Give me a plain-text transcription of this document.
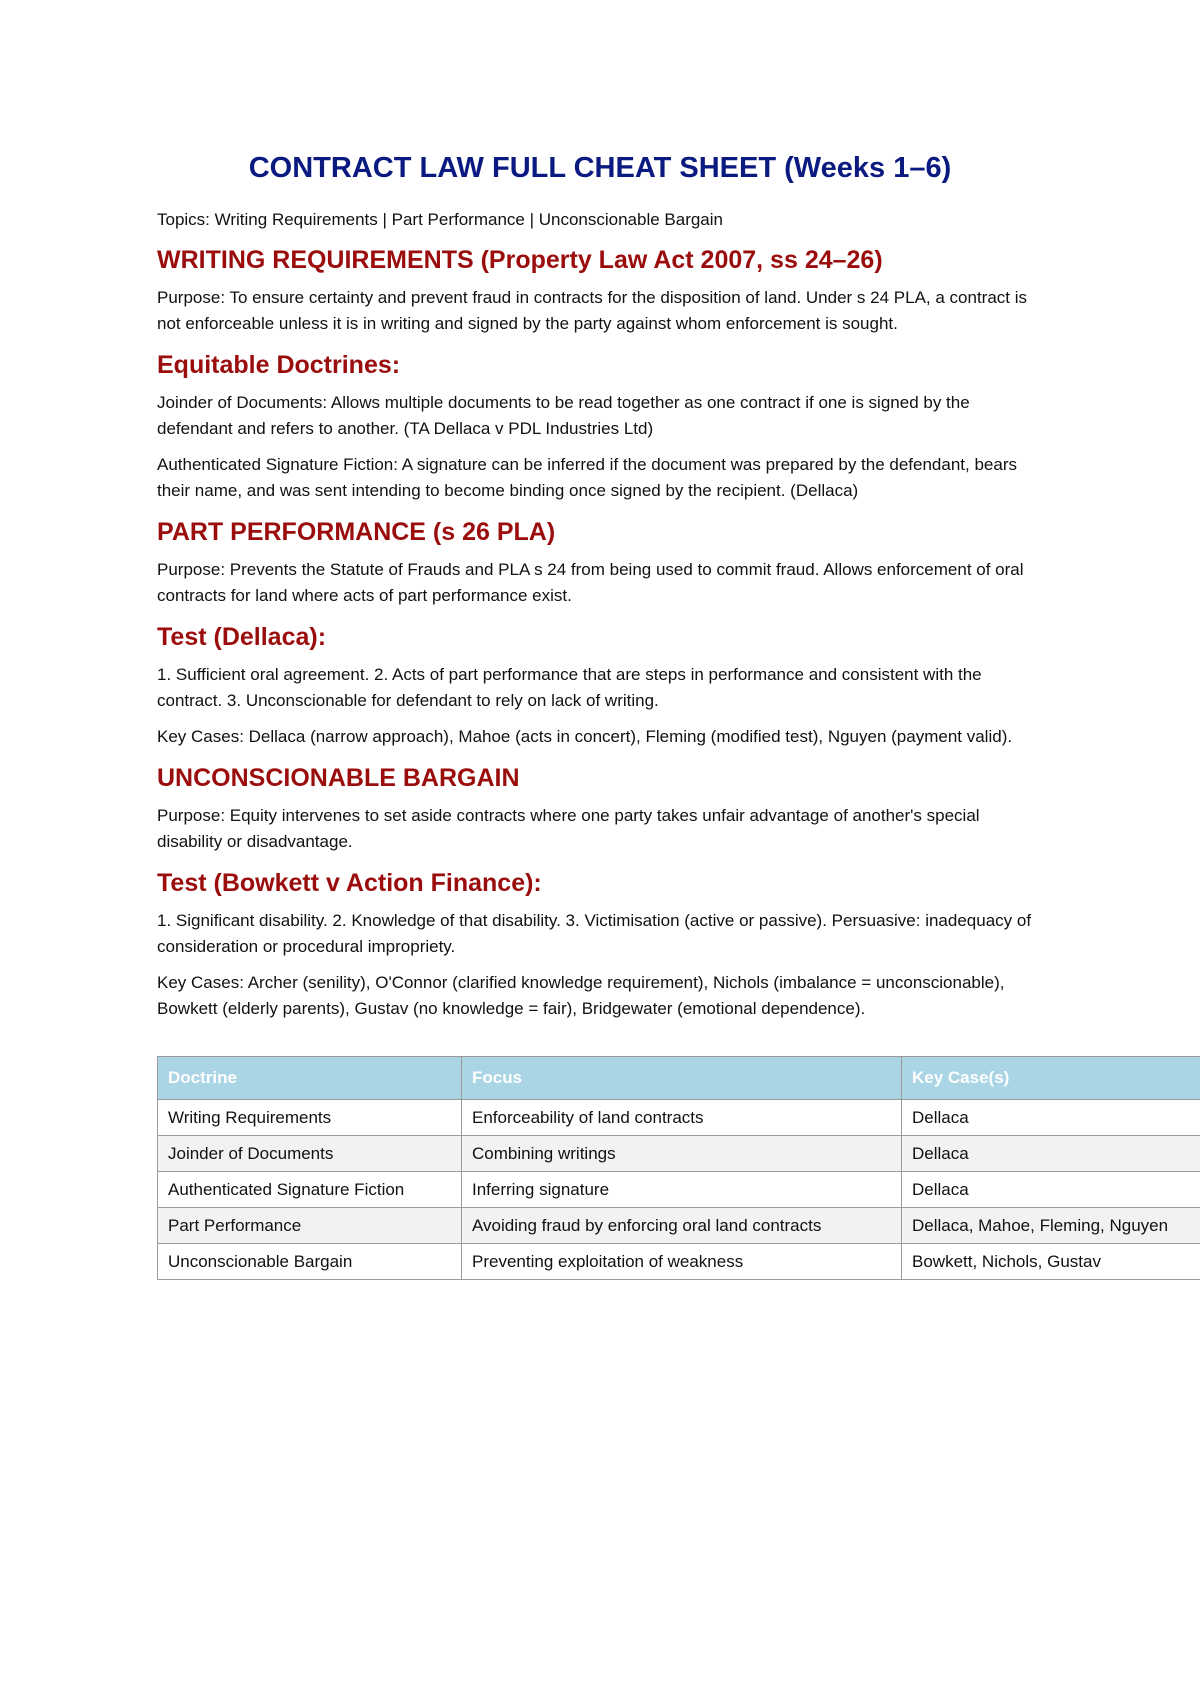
CONTRACT LAW FULL CHEAT SHEET (Weeks 1–6)

Topics: Writing Requirements | Part Performance | Unconscionable Bargain

WRITING REQUIREMENTS (Property Law Act 2007, ss 24–26)

Purpose: To ensure certainty and prevent fraud in contracts for the disposition of land. Under s 24 PLA, a contract is not enforceable unless it is in writing and signed by the party against whom enforcement is sought.

Equitable Doctrines:

Joinder of Documents: Allows multiple documents to be read together as one contract if one is signed by the defendant and refers to another. (TA Dellaca v PDL Industries Ltd)

Authenticated Signature Fiction: A signature can be inferred if the document was prepared by the defendant, bears their name, and was sent intending to become binding once signed by the recipient. (Dellaca)

PART PERFORMANCE (s 26 PLA)

Purpose: Prevents the Statute of Frauds and PLA s 24 from being used to commit fraud. Allows enforcement of oral contracts for land where acts of part performance exist.

Test (Dellaca):

1. Sufficient oral agreement. 2. Acts of part performance that are steps in performance and consistent with the contract. 3. Unconscionable for defendant to rely on lack of writing.

Key Cases: Dellaca (narrow approach), Mahoe (acts in concert), Fleming (modified test), Nguyen (payment valid).

UNCONSCIONABLE BARGAIN

Purpose: Equity intervenes to set aside contracts where one party takes unfair advantage of another's special disability or disadvantage.

Test (Bowkett v Action Finance):

1. Significant disability. 2. Knowledge of that disability. 3. Victimisation (active or passive). Persuasive: inadequacy of consideration or procedural impropriety.

Key Cases: Archer (senility), O'Connor (clarified knowledge requirement), Nichols (imbalance = unconscionable), Bowkett (elderly parents), Gustav (no knowledge = fair), Bridgewater (emotional dependence).

Doctrine	Focus	Key Case(s)
Writing Requirements	Enforceability of land contracts	Dellaca
Joinder of Documents	Combining writings	Dellaca
Authenticated Signature Fiction	Inferring signature	Dellaca
Part Performance	Avoiding fraud by enforcing oral land contracts	Dellaca, Mahoe, Fleming, Nguyen
Unconscionable Bargain	Preventing exploitation of weakness	Bowkett, Nichols, Gustav
